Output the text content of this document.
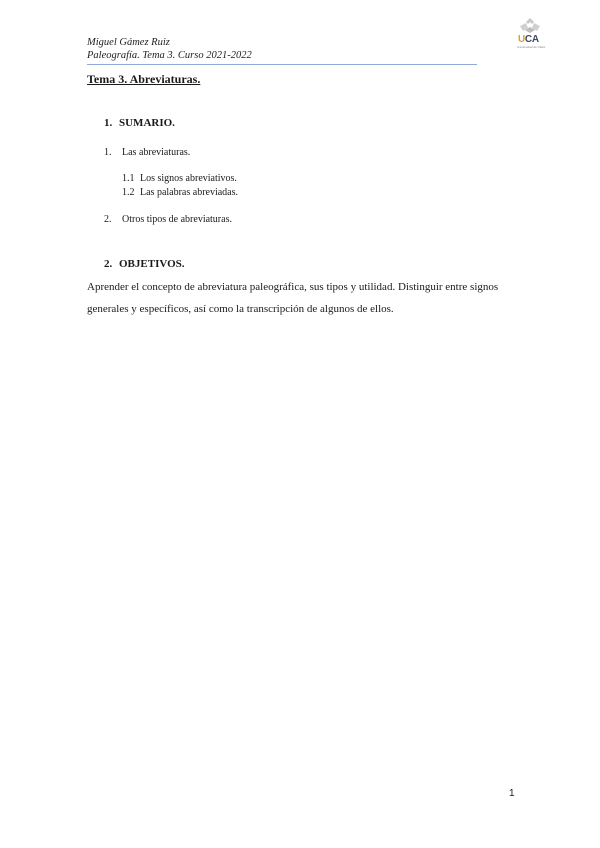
Miguel Gámez Ruiz
Paleografía. Tema 3. Curso 2021-2022
UCA
Universidad de Cádiz
Tema 3. Abreviaturas.
1. SUMARIO.
1. Las abreviaturas.
1.1 Los signos abreviativos.
1.2 Las palabras abreviadas.
2. Otros tipos de abreviaturas.
2. OBJETIVOS.
Aprender el concepto de abreviatura paleográfica, sus tipos y utilidad. Distinguir entre signos generales y específicos, así como la transcripción de algunos de ellos.
1
